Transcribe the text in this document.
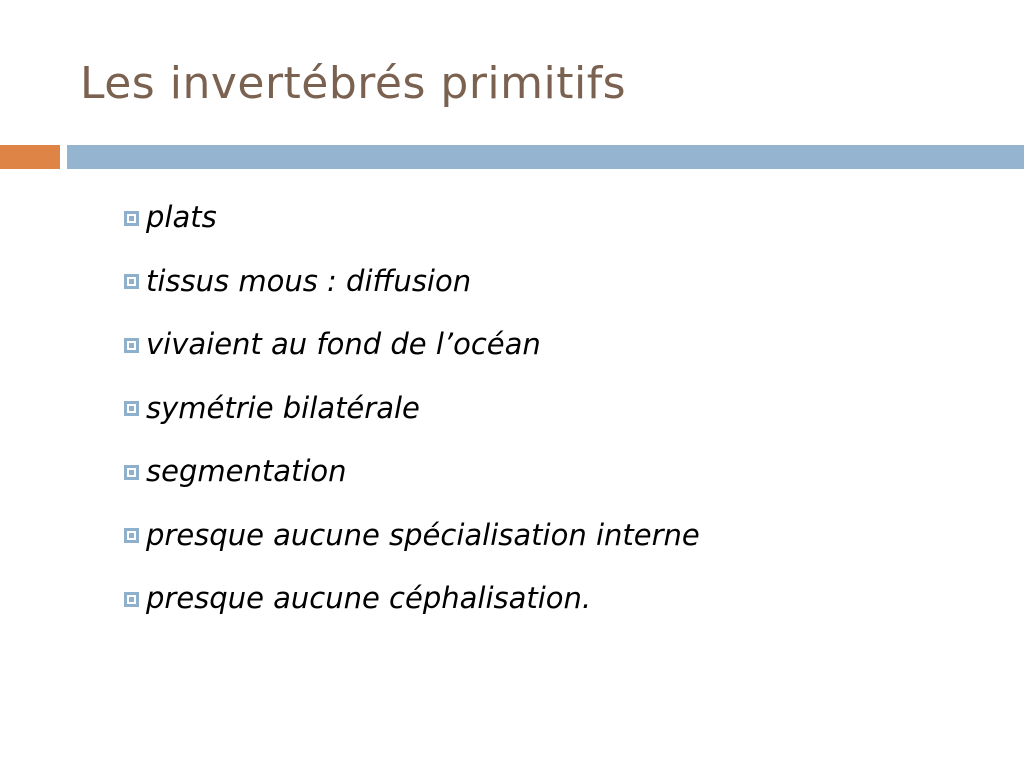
Les invertébrés primitifs
plats
tissus mous : diffusion
vivaient au fond de l’océan
symétrie bilatérale
segmentation
presque aucune spécialisation interne
presque aucune céphalisation.
